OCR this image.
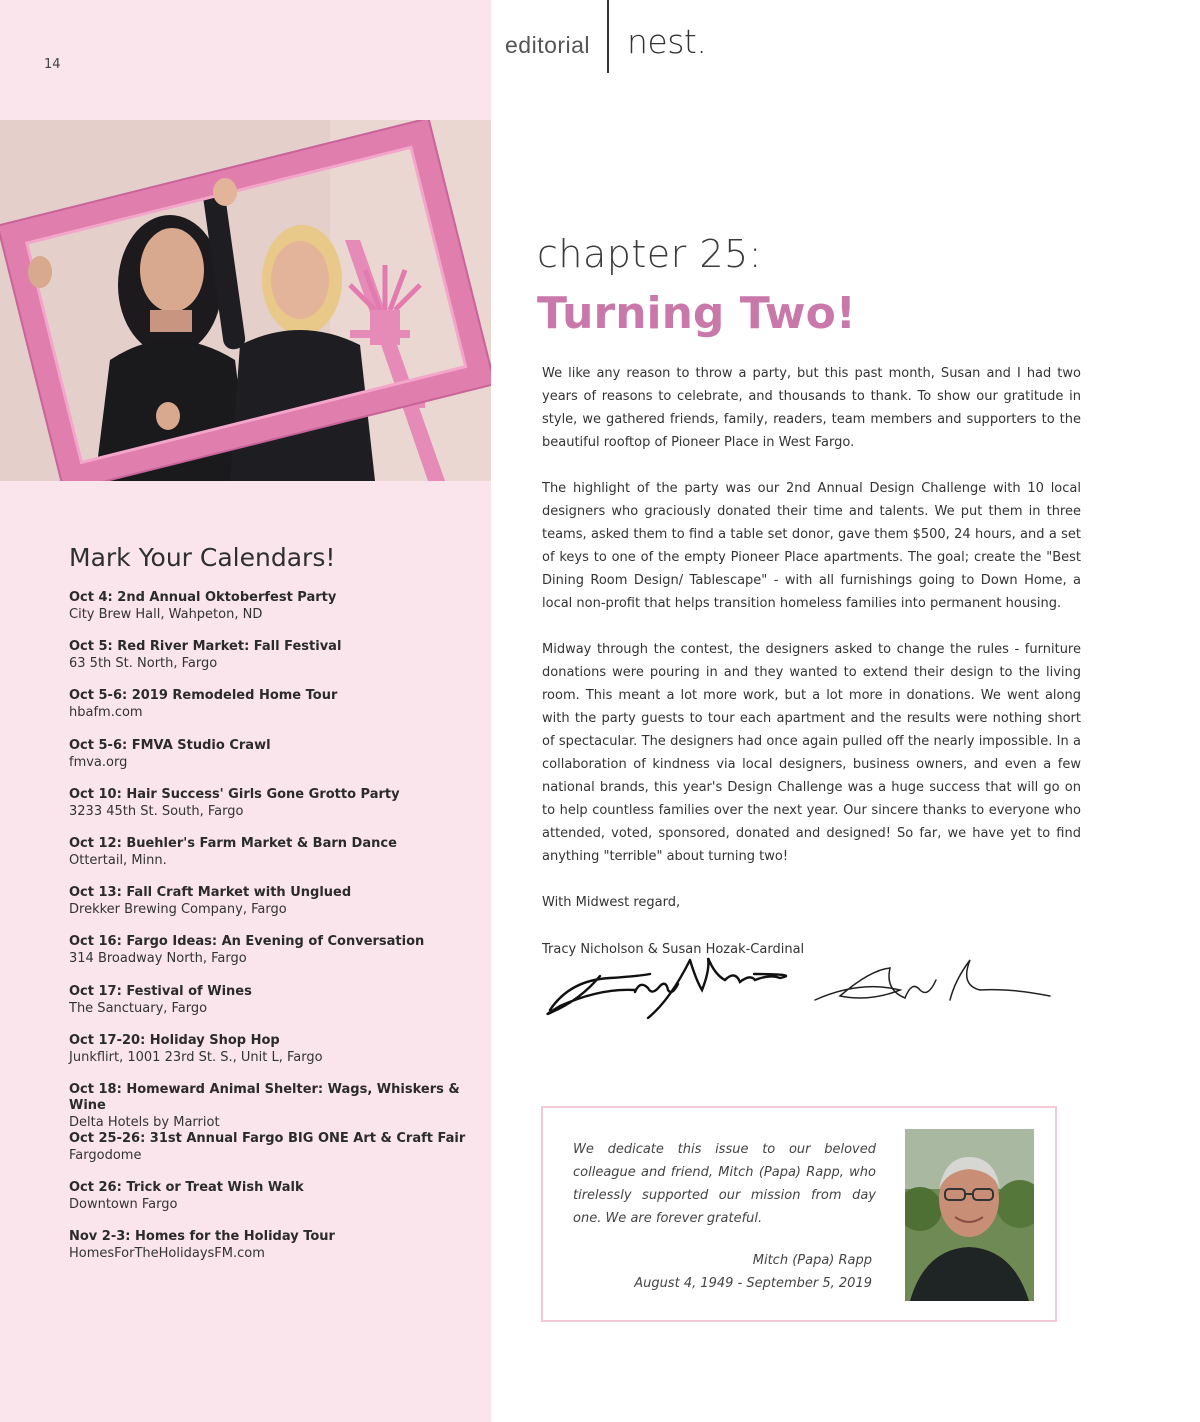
14
editorial nest.
chapter 25:
Turning Two!

We like any reason to throw a party, but this past month, Susan and I had two years of reasons to celebrate, and thousands to thank. To show our gratitude in style, we gathered friends, family, readers, team members and supporters to the beautiful rooftop of Pioneer Place in West Fargo.

The highlight of the party was our 2nd Annual Design Challenge with 10 local designers who graciously donated their time and talents. We put them in three teams, asked them to find a table set donor, gave them $500, 24 hours, and a set of keys to one of the empty Pioneer Place apartments. The goal; create the "Best Dining Room Design/ Tablescape" - with all furnishings going to Down Home, a local non-profit that helps transition homeless families into permanent housing.

Midway through the contest, the designers asked to change the rules - furniture donations were pouring in and they wanted to extend their design to the living room. This meant a lot more work, but a lot more in donations. We went along with the party guests to tour each apartment and the results were nothing short of spectacular. The designers had once again pulled off the nearly impossible. In a collaboration of kindness via local designers, business owners, and even a few national brands, this year's Design Challenge was a huge success that will go on to help countless families over the next year. Our sincere thanks to everyone who attended, voted, sponsored, donated and designed! So far, we have yet to find anything "terrible" about turning two!

With Midwest regard,

Tracy Nicholson & Susan Hozak-Cardinal

Mark Your Calendars!
Oct 4: 2nd Annual Oktoberfest Party
City Brew Hall, Wahpeton, ND
Oct 5: Red River Market: Fall Festival
63 5th St. North, Fargo
Oct 5-6: 2019 Remodeled Home Tour
hbafm.com
Oct 5-6: FMVA Studio Crawl
fmva.org
Oct 10: Hair Success' Girls Gone Grotto Party
3233 45th St. South, Fargo
Oct 12: Buehler's Farm Market & Barn Dance
Ottertail, Minn.
Oct 13: Fall Craft Market with Unglued
Drekker Brewing Company, Fargo
Oct 16: Fargo Ideas: An Evening of Conversation
314 Broadway North, Fargo
Oct 17: Festival of Wines
The Sanctuary, Fargo
Oct 17-20: Holiday Shop Hop
Junkflirt, 1001 23rd St. S., Unit L, Fargo
Oct 18: Homeward Animal Shelter: Wags, Whiskers & Wine
Delta Hotels by Marriot
Oct 25-26: 31st Annual Fargo BIG ONE Art & Craft Fair
Fargodome
Oct 26: Trick or Treat Wish Walk
Downtown Fargo
Nov 2-3: Homes for the Holiday Tour
HomesForTheHolidaysFM.com

We dedicate this issue to our beloved colleague and friend, Mitch (Papa) Rapp, who tirelessly supported our mission from day one. We are forever grateful.

Mitch (Papa) Rapp
August 4, 1949 - September 5, 2019
